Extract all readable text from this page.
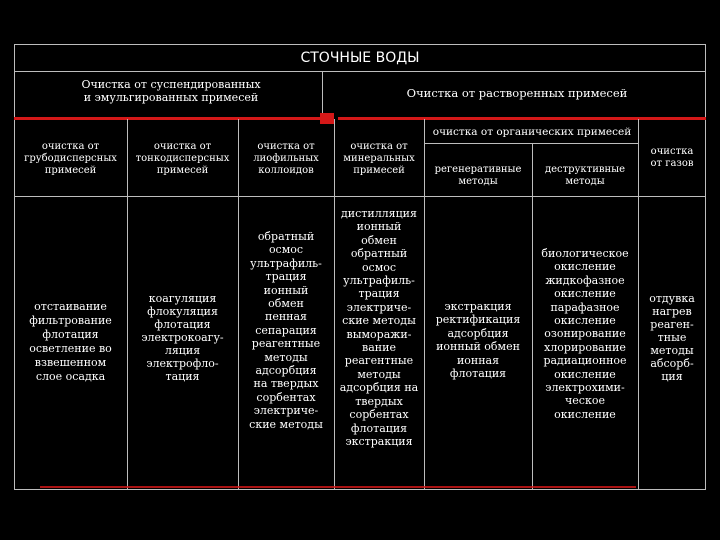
СТОЧНЫЕ ВОДЫ
Очистка от суспендированных
и эмульгированных примесей	Очистка от растворенных примесей
очистка от органических примесей
очистка от
грубодисперсных
примесей
очистка от
тонкодисперсных
примесей
очистка от
лиофильных
коллоидов
очистка от
минеральных
примесей	регенеративные
методы
деструктивные
методы
очистка
от газов
отстаивание
фильтрование
флотация
осветление во
взвешенном
слое осадка
коагуляция
флокуляция
флотация
электрокоагу-
ляция
электрофло-
тация
обратный
осмос
ультрафиль-
трация
ионный
обмен
пенная
сепарация
реагентные
методы
адсорбция
на твердых
сорбентах
электриче-
ские методы
дистилляция
ионный
обмен
обратный
осмос
ультрафиль-
трация
электриче-
ские методы
выморажи-
вание
реагентные
методы
адсорбция на
твердых
сорбентах
флотация
экстракция
экстракция
ректификация
адсорбция
ионный обмен
ионная
флотация
биологическое
окисление
жидкофазное
окисление
парафазное
окисление
озонирование
хлорирование
радиационное
окисление
электрохими-
ческое
окисление
отдувка
нагрев
реаген-
тные
методы
абсорб-
ция
